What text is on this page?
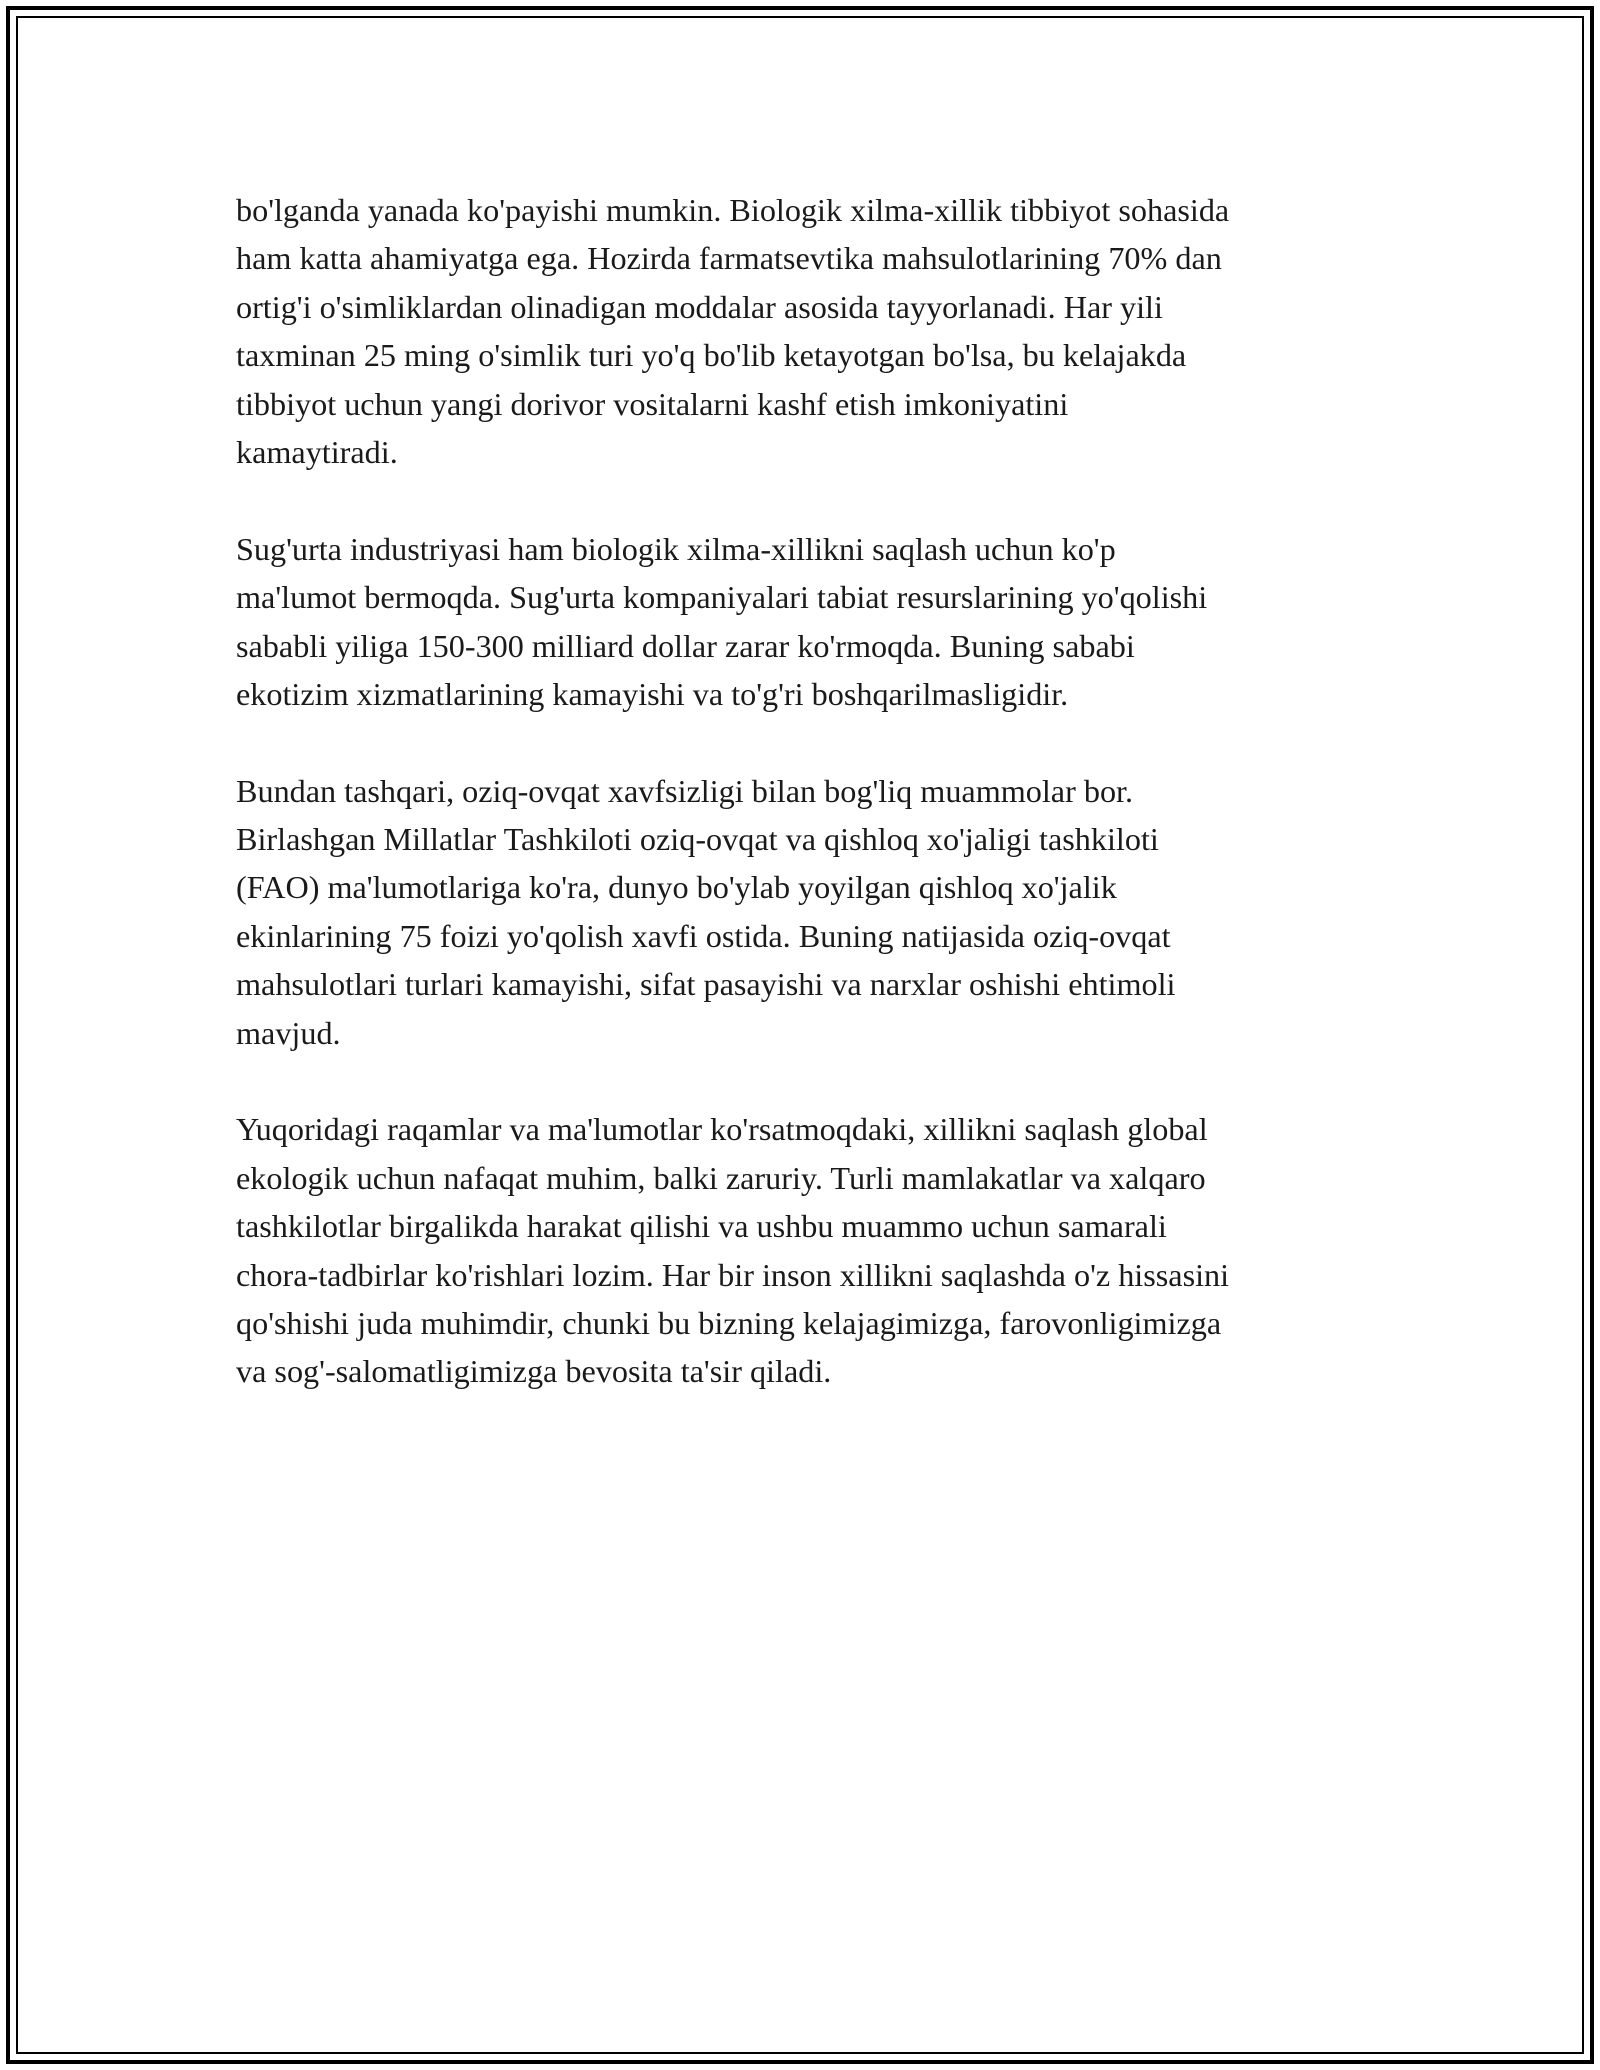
bo'lganda yanada ko'payishi mumkin. Biologik xilma-xillik tibbiyot sohasida
ham katta ahamiyatga ega. Hozirda farmatsevtika mahsulotlarining 70% dan
ortig'i o'simliklardan olinadigan moddalar asosida tayyorlanadi. Har yili
taxminan 25 ming o'simlik turi yo'q bo'lib ketayotgan bo'lsa, bu kelajakda
tibbiyot uchun yangi dorivor vositalarni kashf etish imkoniyatini
kamaytiradi.
Sug'urta industriyasi ham biologik xilma-xillikni saqlash uchun ko'p
ma'lumot bermoqda. Sug'urta kompaniyalari tabiat resurslarining yo'qolishi
sababli yiliga 150-300 milliard dollar zarar ko'rmoqda. Buning sababi
ekotizim xizmatlarining kamayishi va to'g'ri boshqarilmasligidir.
Bundan tashqari, oziq-ovqat xavfsizligi bilan bog'liq muammolar bor.
Birlashgan Millatlar Tashkiloti oziq-ovqat va qishloq xo'jaligi tashkiloti
(FAO) ma'lumotlariga ko'ra, dunyo bo'ylab yoyilgan qishloq xo'jalik
ekinlarining 75 foizi yo'qolish xavfi ostida. Buning natijasida oziq-ovqat
mahsulotlari turlari kamayishi, sifat pasayishi va narxlar oshishi ehtimoli
mavjud.
Yuqoridagi raqamlar va ma'lumotlar ko'rsatmoqdaki, xillikni saqlash global
ekologik uchun nafaqat muhim, balki zaruriy. Turli mamlakatlar va xalqaro
tashkilotlar birgalikda harakat qilishi va ushbu muammo uchun samarali
chora-tadbirlar ko'rishlari lozim. Har bir inson xillikni saqlashda o'z hissasini
qo'shishi juda muhimdir, chunki bu bizning kelajagimizga, farovonligimizga
va sog'-salomatligimizga bevosita ta'sir qiladi.
